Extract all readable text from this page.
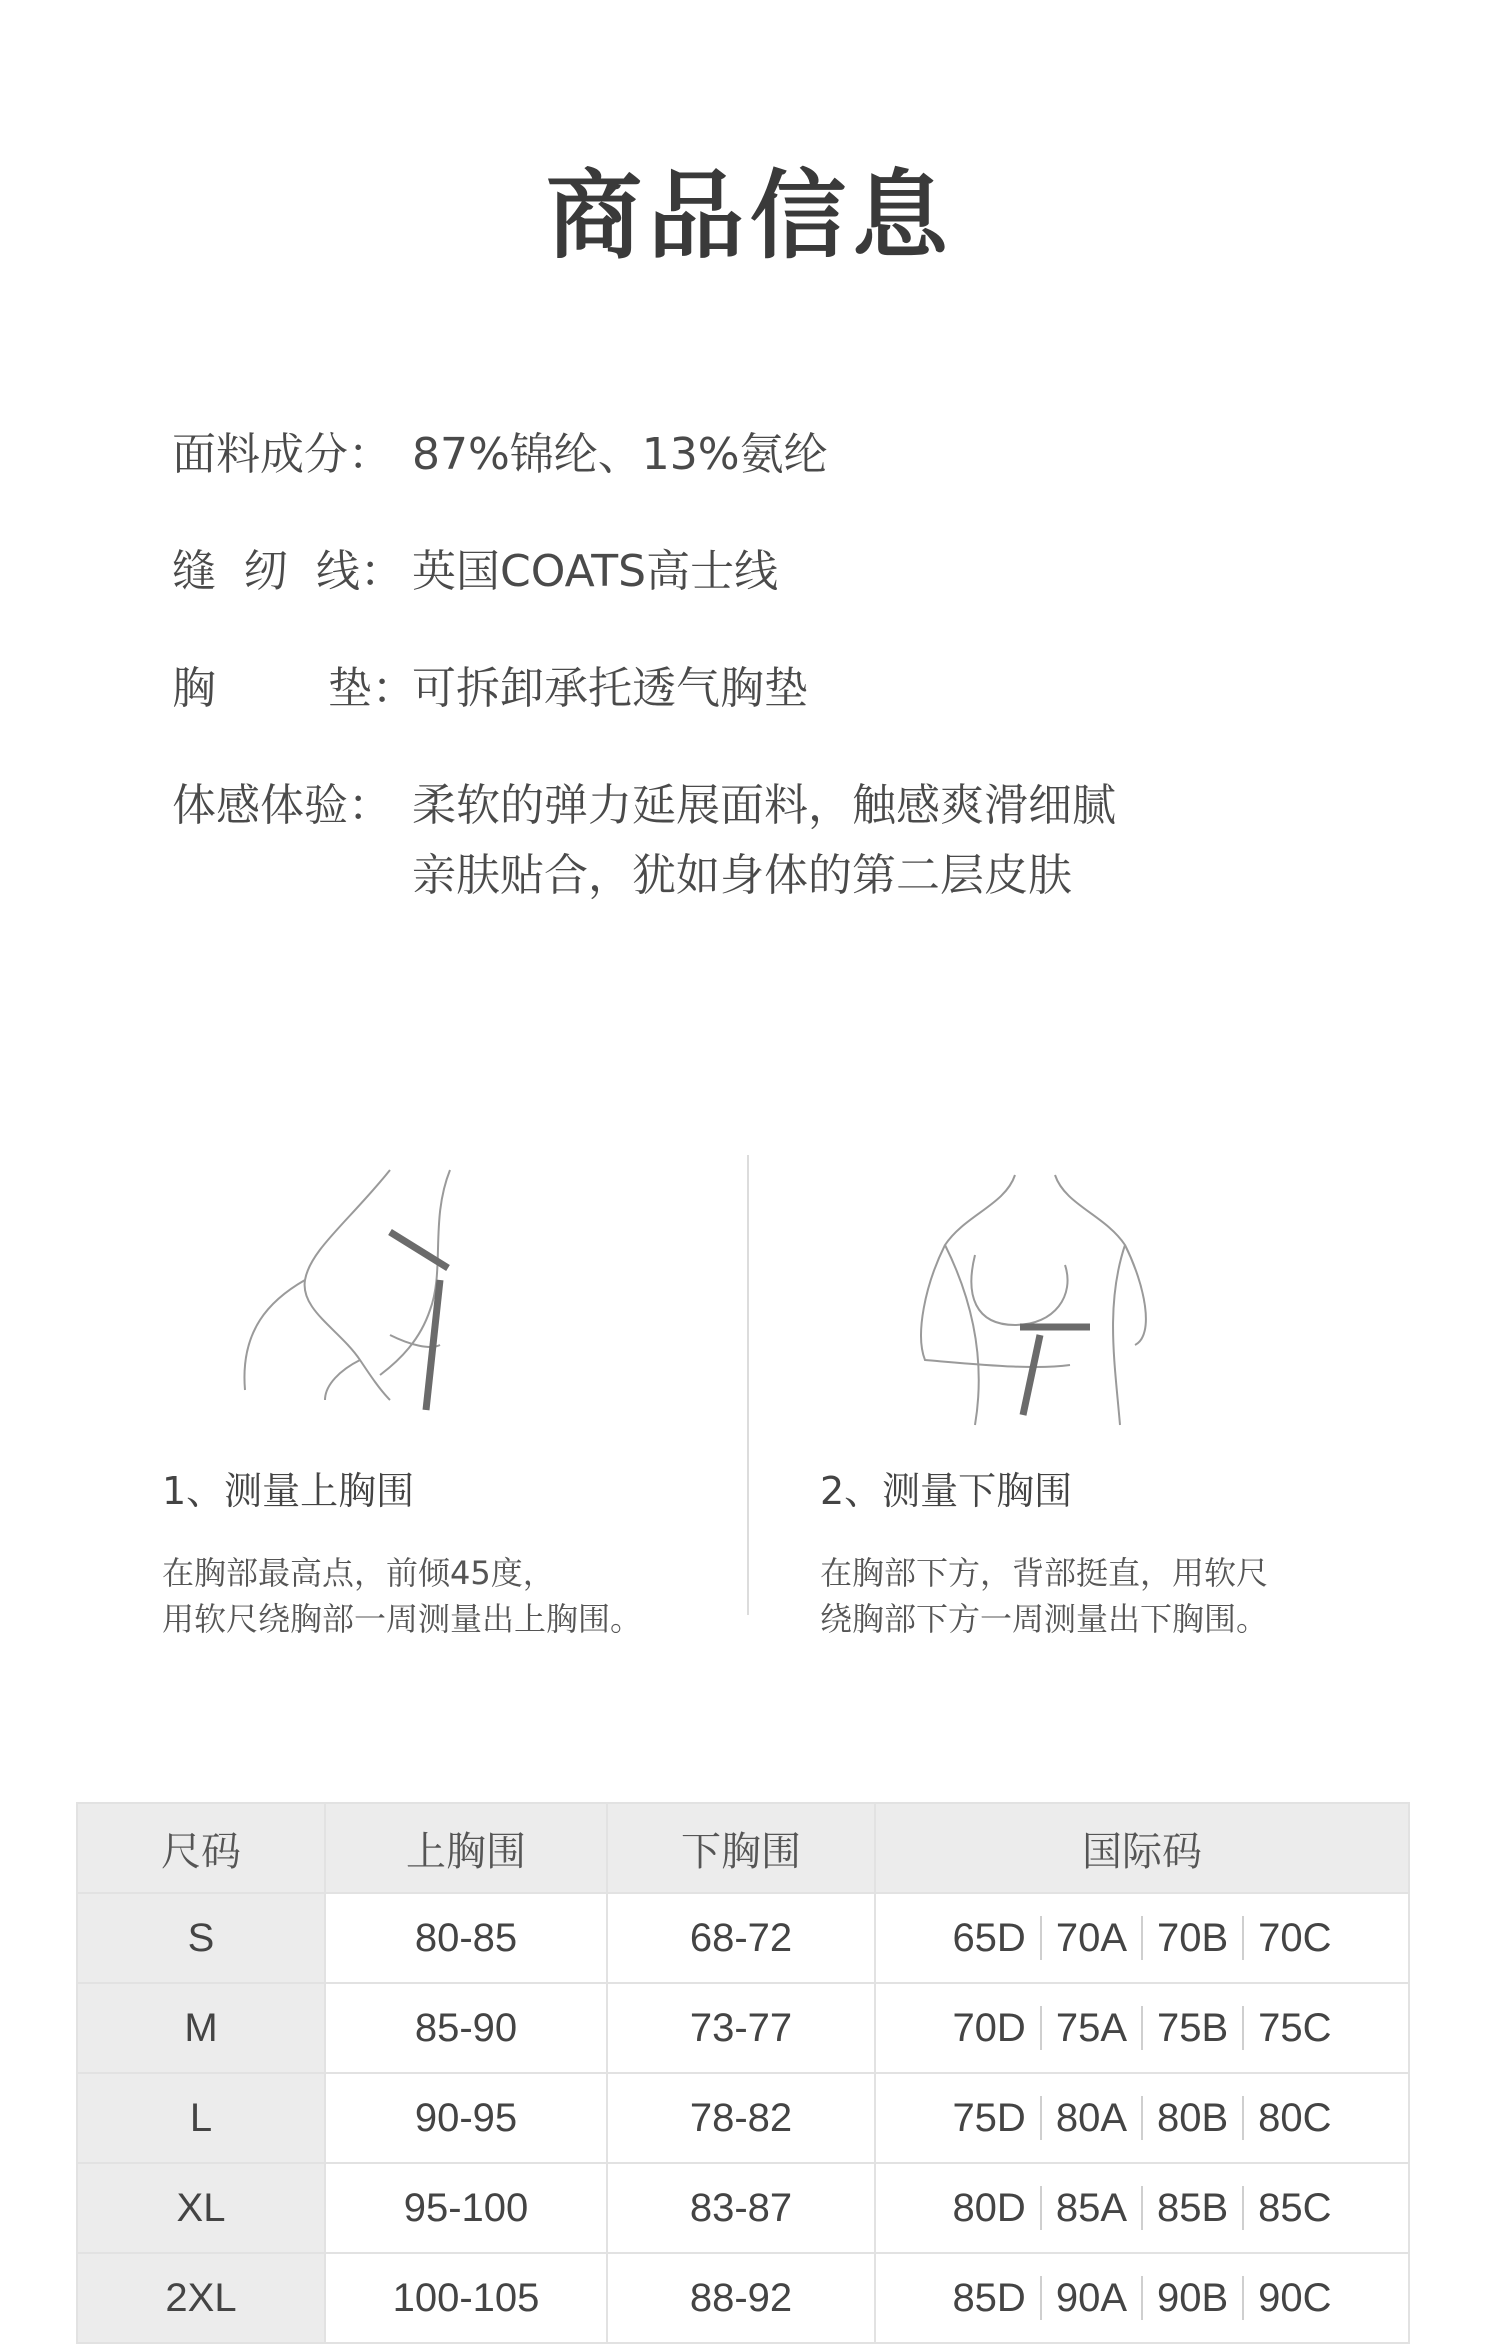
商品信息
面料成分： 87%锦纶、13%氨纶
缝  纫  线： 英国COATS高士线
胸        垫：
可拆卸承托透气胸垫
体感体验： 柔软的弹力延展面料，触感爽滑细腻
亲肤贴合，犹如身体的第二层皮肤
1、测量上胸围
在胸部最高点，前倾45度，
用软尺绕胸部一周测量出上胸围。
2、测量下胸围
在胸部下方，背部挺直，用软尺
绕胸部下方一周测量出下胸围。
尺码	上胸围	下胸围	国际码
S	80-85	68-72	65D 70A 70B 70C

M	85-90	73-77	70D 75A 75B 75C

L	90-95	78-82	75D 80A 80B 80C

XL	95-100	83-87	80D 85A 85B 85C

2XL	100-105	88-92	85D 90A 90B 90C
